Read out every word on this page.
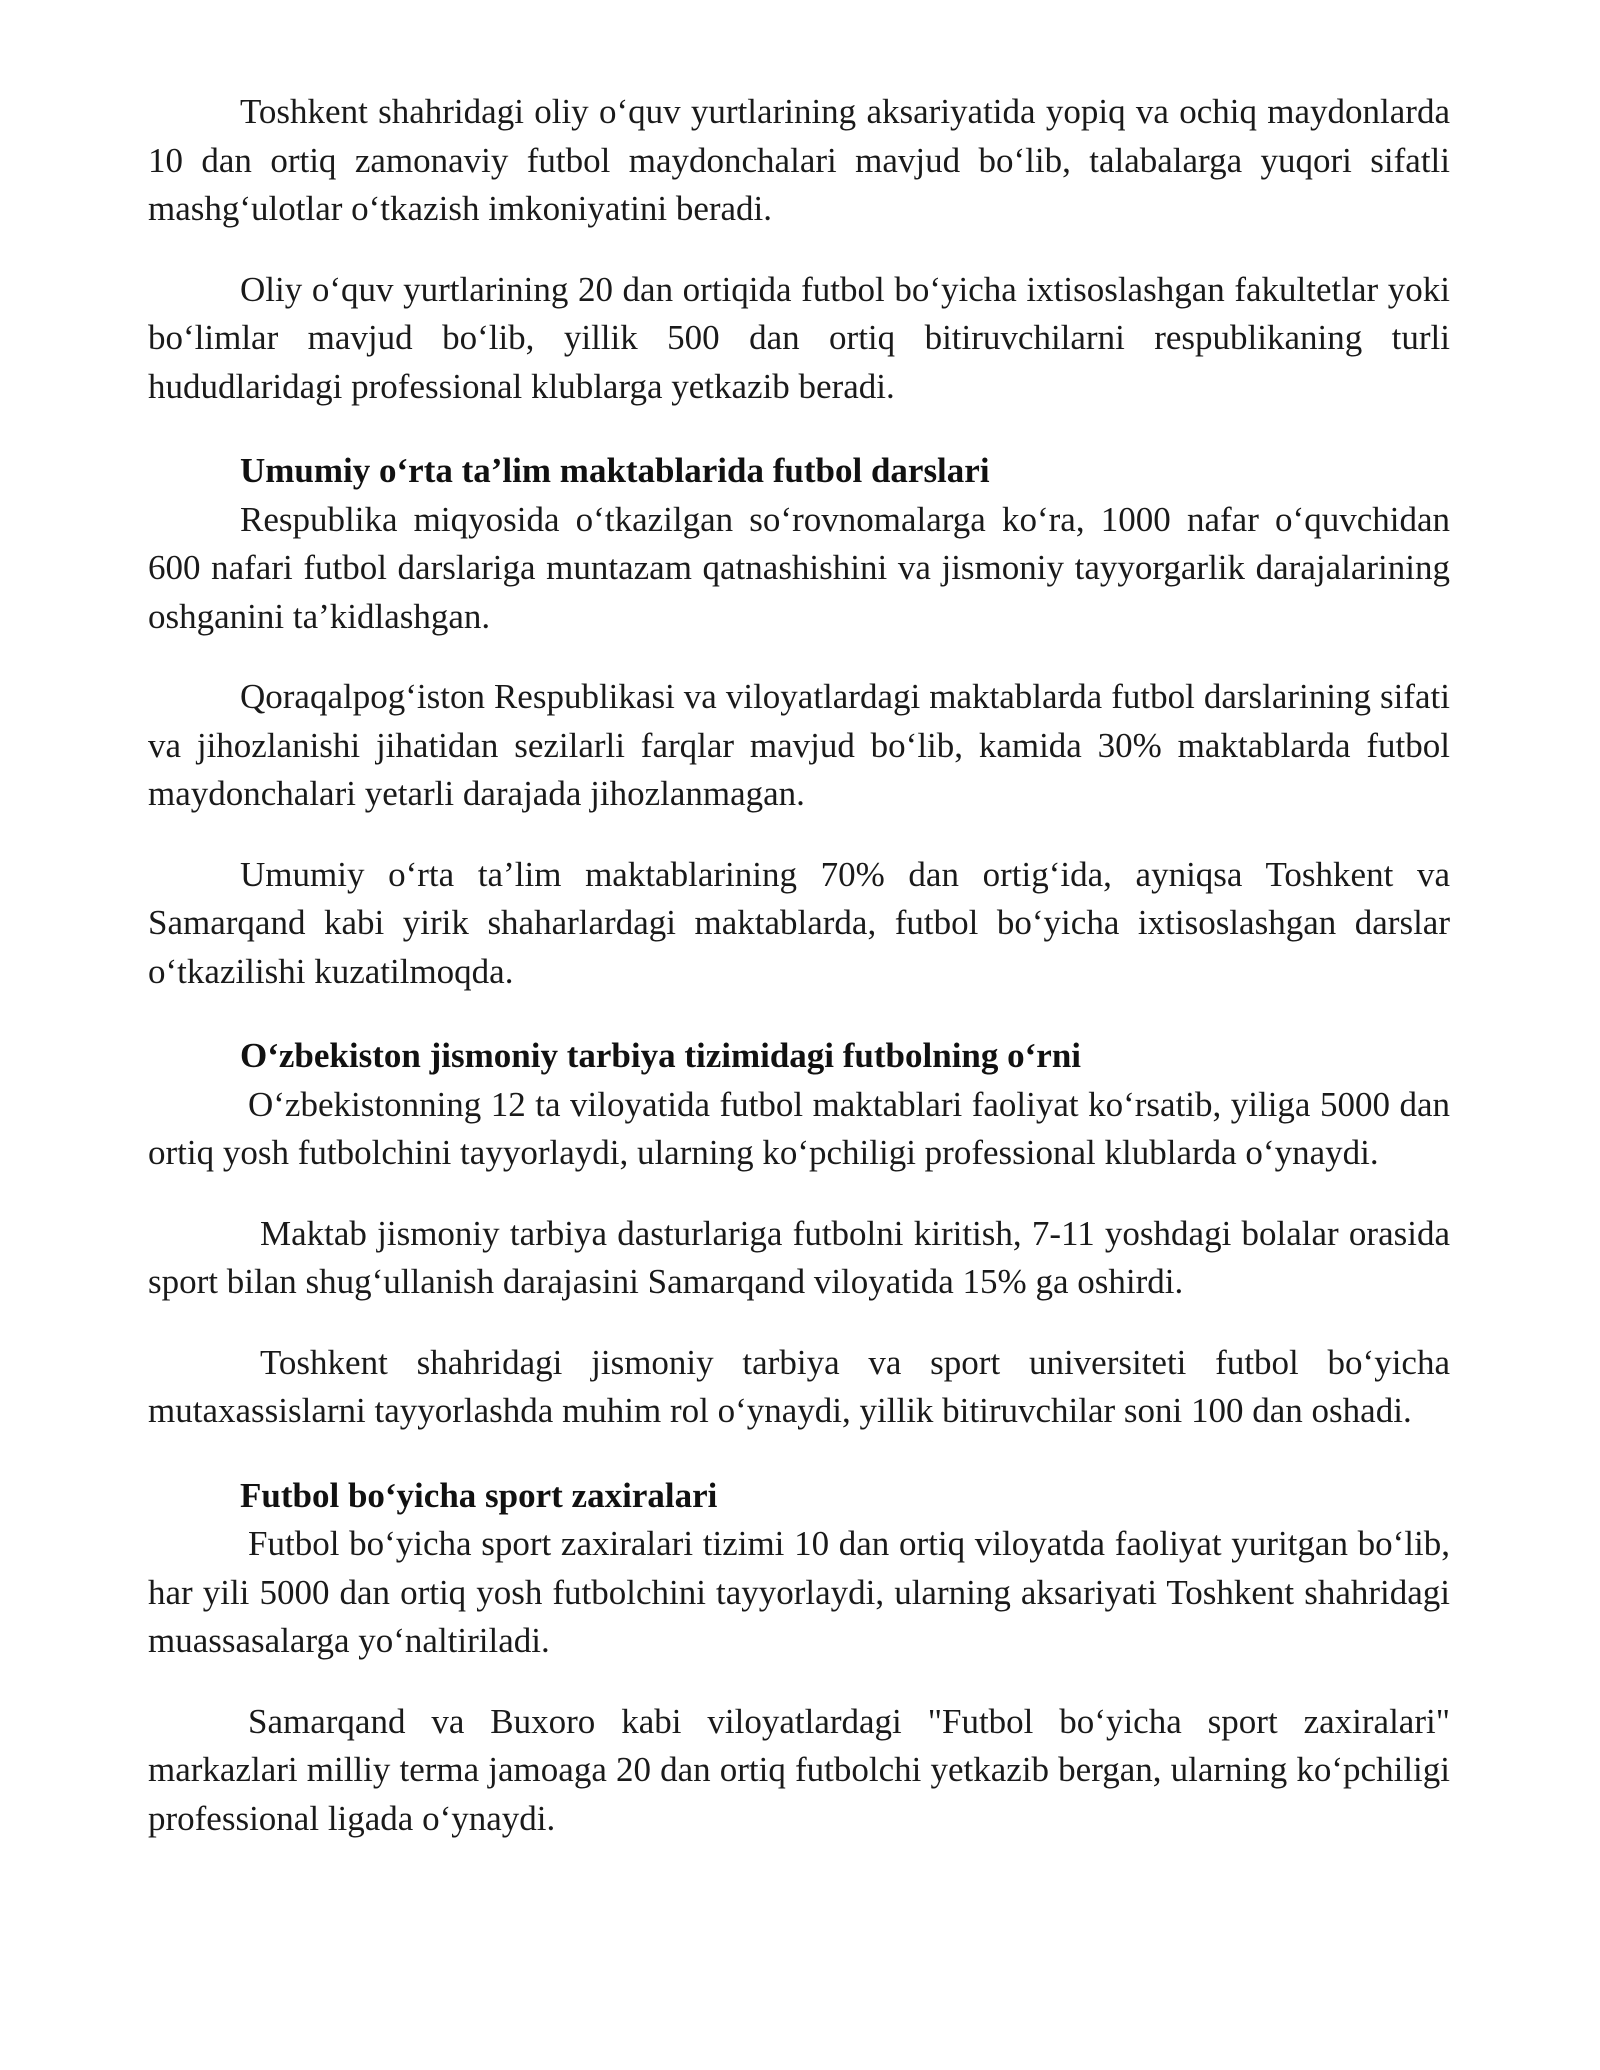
Toshkent shahridagi oliy o‘quv yurtlarining aksariyatida yopiq va ochiq maydonlarda 10 dan ortiq zamonaviy futbol maydonchalari mavjud bo‘lib, talabalarga yuqori sifatli mashg‘ulotlar o‘tkazish imkoniyatini beradi.

Oliy o‘quv yurtlarining 20 dan ortiqida futbol bo‘yicha ixtisoslashgan fakultetlar yoki bo‘limlar mavjud bo‘lib, yillik 500 dan ortiq bitiruvchilarni respublikaning turli hududlaridagi professional klublarga yetkazib beradi.

Umumiy o‘rta ta’lim maktablarida futbol darslari

Respublika miqyosida o‘tkazilgan so‘rovnomalarga ko‘ra, 1000 nafar o‘quvchidan 600 nafari futbol darslariga muntazam qatnashishini va jismoniy tayyorgarlik darajalarining oshganini ta’kidlashgan.

Qoraqalpog‘iston Respublikasi va viloyatlardagi maktablarda futbol darslarining sifati va jihozlanishi jihatidan sezilarli farqlar mavjud bo‘lib, kamida 30% maktablarda futbol maydonchalari yetarli darajada jihozlanmagan.

Umumiy o‘rta ta’lim maktablarining 70% dan ortig‘ida, ayniqsa Toshkent va Samarqand kabi yirik shaharlardagi maktablarda, futbol bo‘yicha ixtisoslashgan darslar o‘tkazilishi kuzatilmoqda.

O‘zbekiston jismoniy tarbiya tizimidagi futbolning o‘rni

O‘zbekistonning 12 ta viloyatida futbol maktablari faoliyat ko‘rsatib, yiliga 5000 dan ortiq yosh futbolchini tayyorlaydi, ularning ko‘pchiligi professional klublarda o‘ynaydi.

Maktab jismoniy tarbiya dasturlariga futbolni kiritish, 7-11 yoshdagi bolalar orasida sport bilan shug‘ullanish darajasini Samarqand viloyatida 15% ga oshirdi.

Toshkent shahridagi jismoniy tarbiya va sport universiteti futbol bo‘yicha mutaxassislarni tayyorlashda muhim rol o‘ynaydi, yillik bitiruvchilar soni 100 dan oshadi.

Futbol bo‘yicha sport zaxiralari

Futbol bo‘yicha sport zaxiralari tizimi 10 dan ortiq viloyatda faoliyat yuritgan bo‘lib, har yili 5000 dan ortiq yosh futbolchini tayyorlaydi, ularning aksariyati Toshkent shahridagi muassasalarga yo‘naltiriladi.

Samarqand va Buxoro kabi viloyatlardagi "Futbol bo‘yicha sport zaxiralari" markazlari milliy terma jamoaga 20 dan ortiq futbolchi yetkazib bergan, ularning ko‘pchiligi professional ligada o‘ynaydi.
